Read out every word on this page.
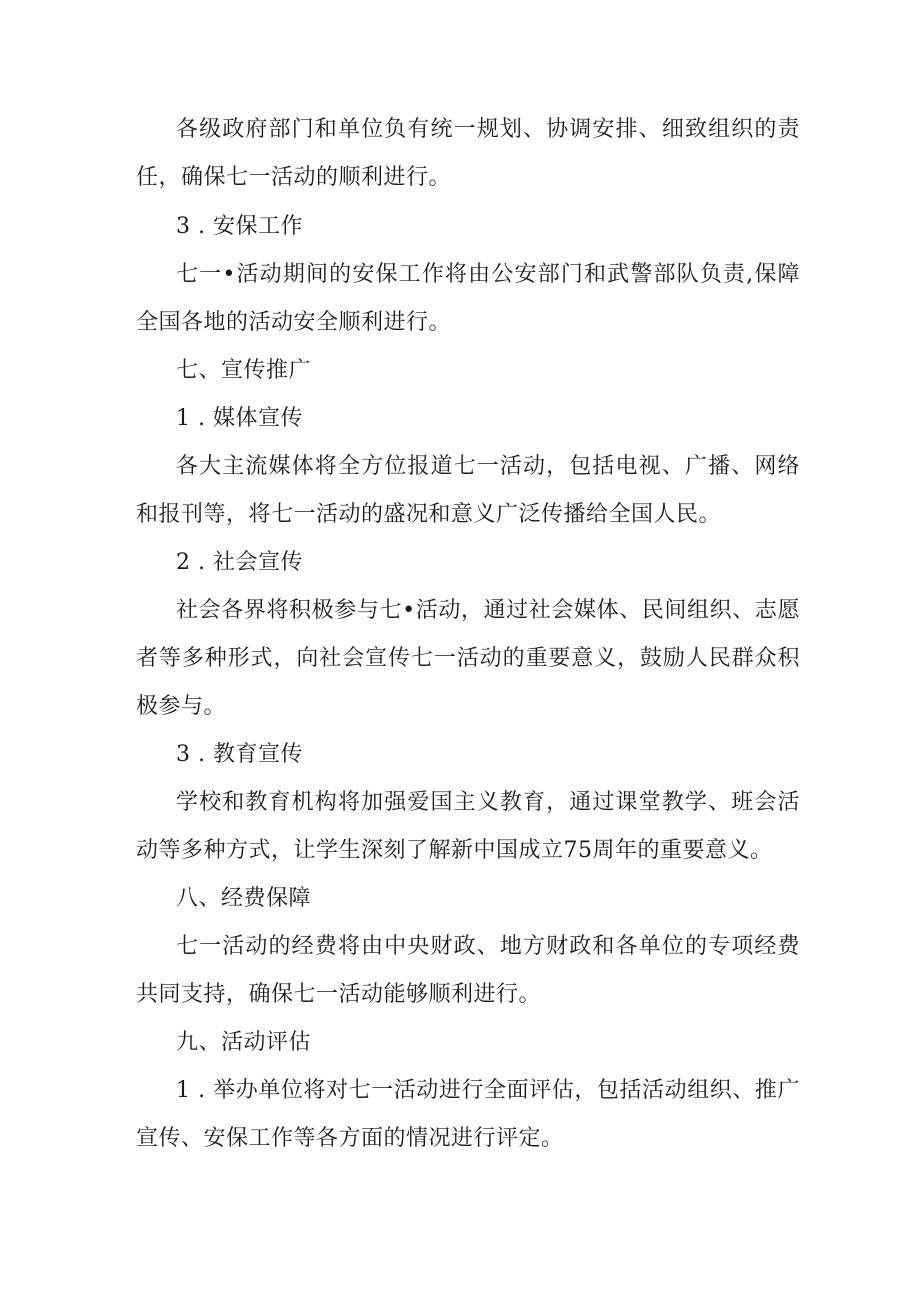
各级政府部门和单位负有统一规划、协调安排、细致组织的责任，确保七一活动的顺利进行。

3 . 安保工作

七一•活动期间的安保工作将由公安部门和武警部队负责,保障全国各地的活动安全顺利进行。

七、宣传推广

1 . 媒体宣传

各大主流媒体将全方位报道七一活动，包括电视、广播、网络和报刊等，将七一活动的盛况和意义广泛传播给全国人民。

2 . 社会宣传

社会各界将积极参与七•活动，通过社会媒体、民间组织、志愿者等多种形式，向社会宣传七一活动的重要意义，鼓励人民群众积极参与。

3 . 教育宣传

学校和教育机构将加强爱国主义教育，通过课堂教学、班会活动等多种方式，让学生深刻了解新中国成立75周年的重要意义。

八、经费保障

七一活动的经费将由中央财政、地方财政和各单位的专项经费共同支持，确保七一活动能够顺利进行。

九、活动评估

1 . 举办单位将对七一活动进行全面评估，包括活动组织、推广宣传、安保工作等各方面的情况进行评定。
